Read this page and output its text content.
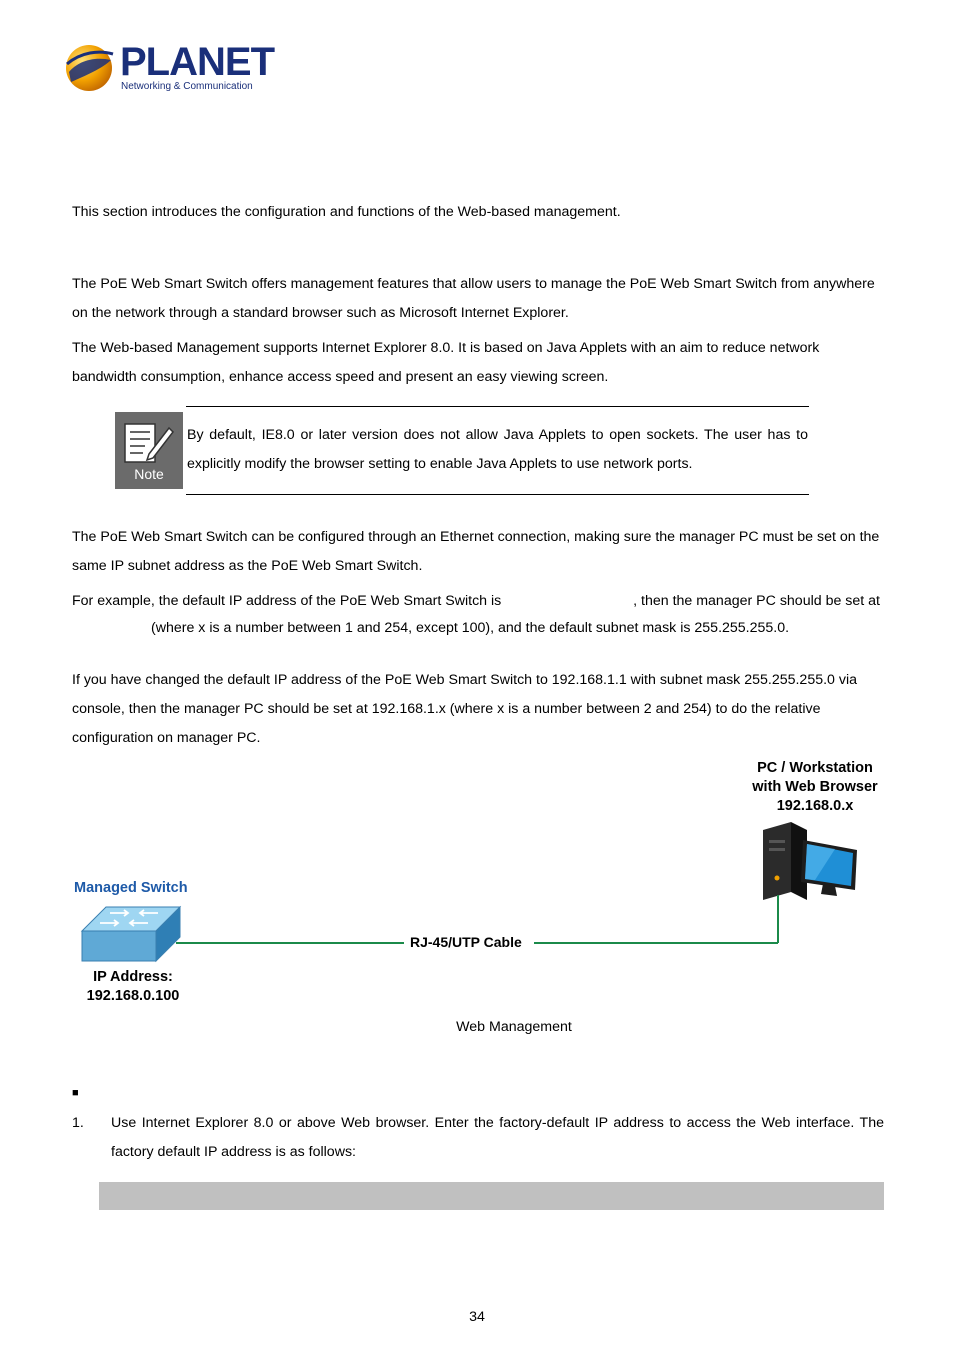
PLANET
Networking & Communication
This section introduces the configuration and functions of the Web-based management.
The PoE Web Smart Switch offers management features that allow users to manage the PoE Web Smart Switch from anywhere on the network through a standard browser such as Microsoft Internet Explorer.
The Web-based Management supports Internet Explorer 8.0. It is based on Java Applets with an aim to reduce network bandwidth consumption, enhance access speed and present an easy viewing screen.
Note
By default, IE8.0 or later version does not allow Java Applets to open sockets. The user has to explicitly modify the browser setting to enable Java Applets to use network ports.
The PoE Web Smart Switch can be configured through an Ethernet connection, making sure the manager PC must be set on the same IP subnet address as the PoE Web Smart Switch.
For example, the default IP address of the PoE Web Smart Switch is	, then the manager PC should be set at
(where x is a number between 1 and 254, except 100), and the default subnet mask is 255.255.255.0.
If you have changed the default IP address of the PoE Web Smart Switch to 192.168.1.1 with subnet mask 255.255.255.0 via console, then the manager PC should be set at 192.168.1.x (where x is a number between 2 and 254) to do the relative configuration on manager PC.
PC / Workstation
with Web Browser
192.168.0.x
Managed Switch
RJ-45/UTP Cable
IP Address:
192.168.0.100
Web Management
■
1. Use Internet Explorer 8.0 or above Web browser. Enter the factory-default IP address to access the Web interface. The factory default IP address is as follows:
34
